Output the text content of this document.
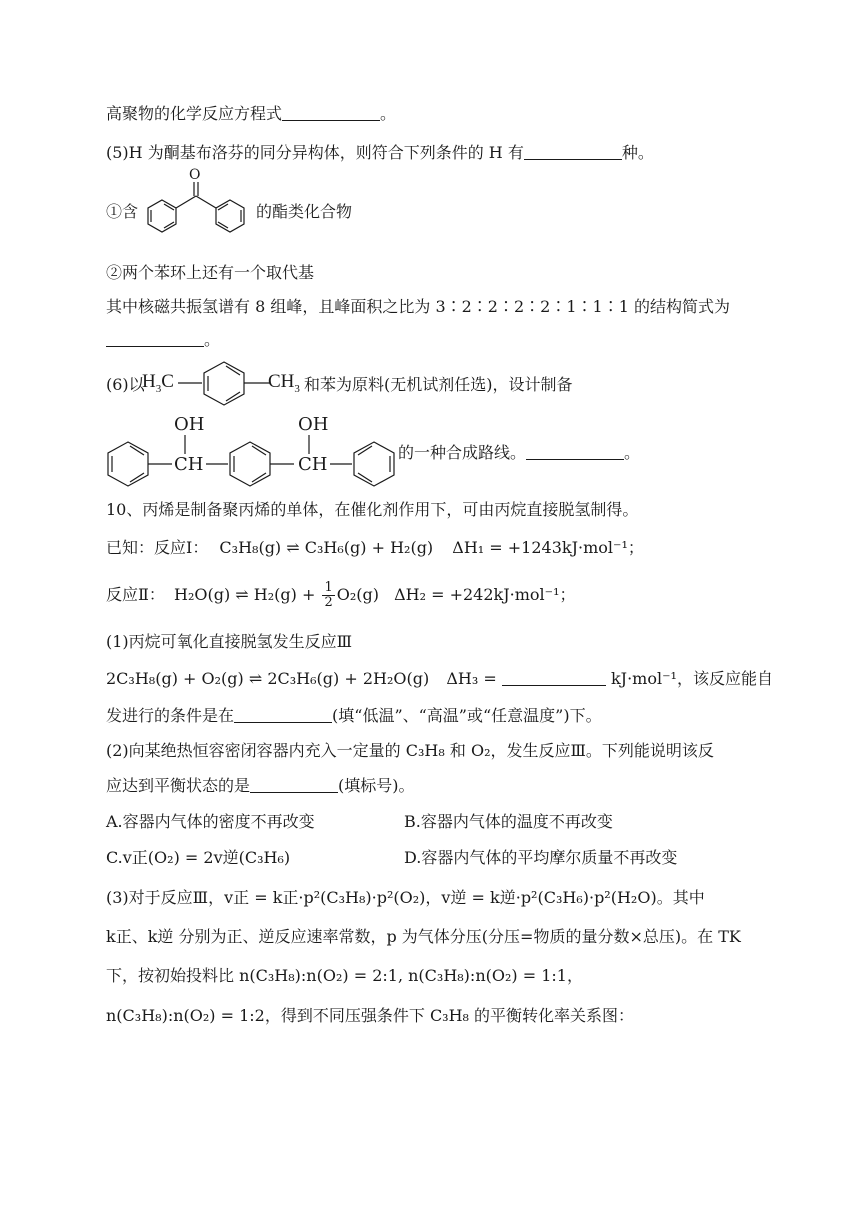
高聚物的化学反应方程式	。
(5)H 为酮基布洛芬的同分异构体，则符合下列条件的 H 有	种。
①含
O
的酯类化合物
②两个苯环上还有一个取代基
其中核磁共振氢谱有 8 组峰，且峰面积之比为 3∶2∶2∶2∶2∶1∶1∶1 的结构简式为
。
(6)以
$H_3C$	$CH_3$ 和苯为原料(无机试剂任选)，设计制备
OH
CH
OH
CH
的一种合成路线。	。
10、丙烯是制备聚丙烯的单体，在催化剂作用下，可由丙烷直接脱氢制得。
已知：反应Ⅰ： C₃H₈(g) ⇌ C₃H₆(g) + H₂(g) ΔH₁ = +1243kJ·mol⁻¹；
反应Ⅱ： H₂O(g) ⇌ $H_2(g) + \frac{1}{2} O_2(g) \Delta H_2 = +242kJ\cdot mol^{-1}$；
(1)丙烷可氧化直接脱氢发生反应Ⅲ
2C₃H₈(g) + O₂(g) ⇌ 2C₃H₆(g) + 2H₂O(g) ΔH₃ =	kJ·mol⁻¹，该反应能自
发进行的条件是在	(填“低温”、“高温”或“任意温度”)下。
(2)向某绝热恒容密闭容器内充入一定量的 C₃H₈ 和 O₂，发生反应Ⅲ。下列能说明该反
应达到平衡状态的是	(填标号)。
A.容器内气体的密度不再改变	B.容器内气体的温度不再改变
C.v正(O₂) = 2v逆(C₃H₆)	D.容器内气体的平均摩尔质量不再改变
(3)对于反应Ⅲ，v正 = k正·p²(C₃H₈)·p²(O₂)，v逆 = k逆·p²(C₃H₆)·p²(H₂O)。其中
k正、k逆 分别为正、逆反应速率常数，p 为气体分压(分压=物质的量分数×总压)。在 TK
下，按初始投料比 n(C₃H₈):n(O₂) = 2:1, n(C₃H₈):n(O₂) = 1:1，
n(C₃H₈):n(O₂) = 1:2，得到不同压强条件下 C₃H₈ 的平衡转化率关系图：
